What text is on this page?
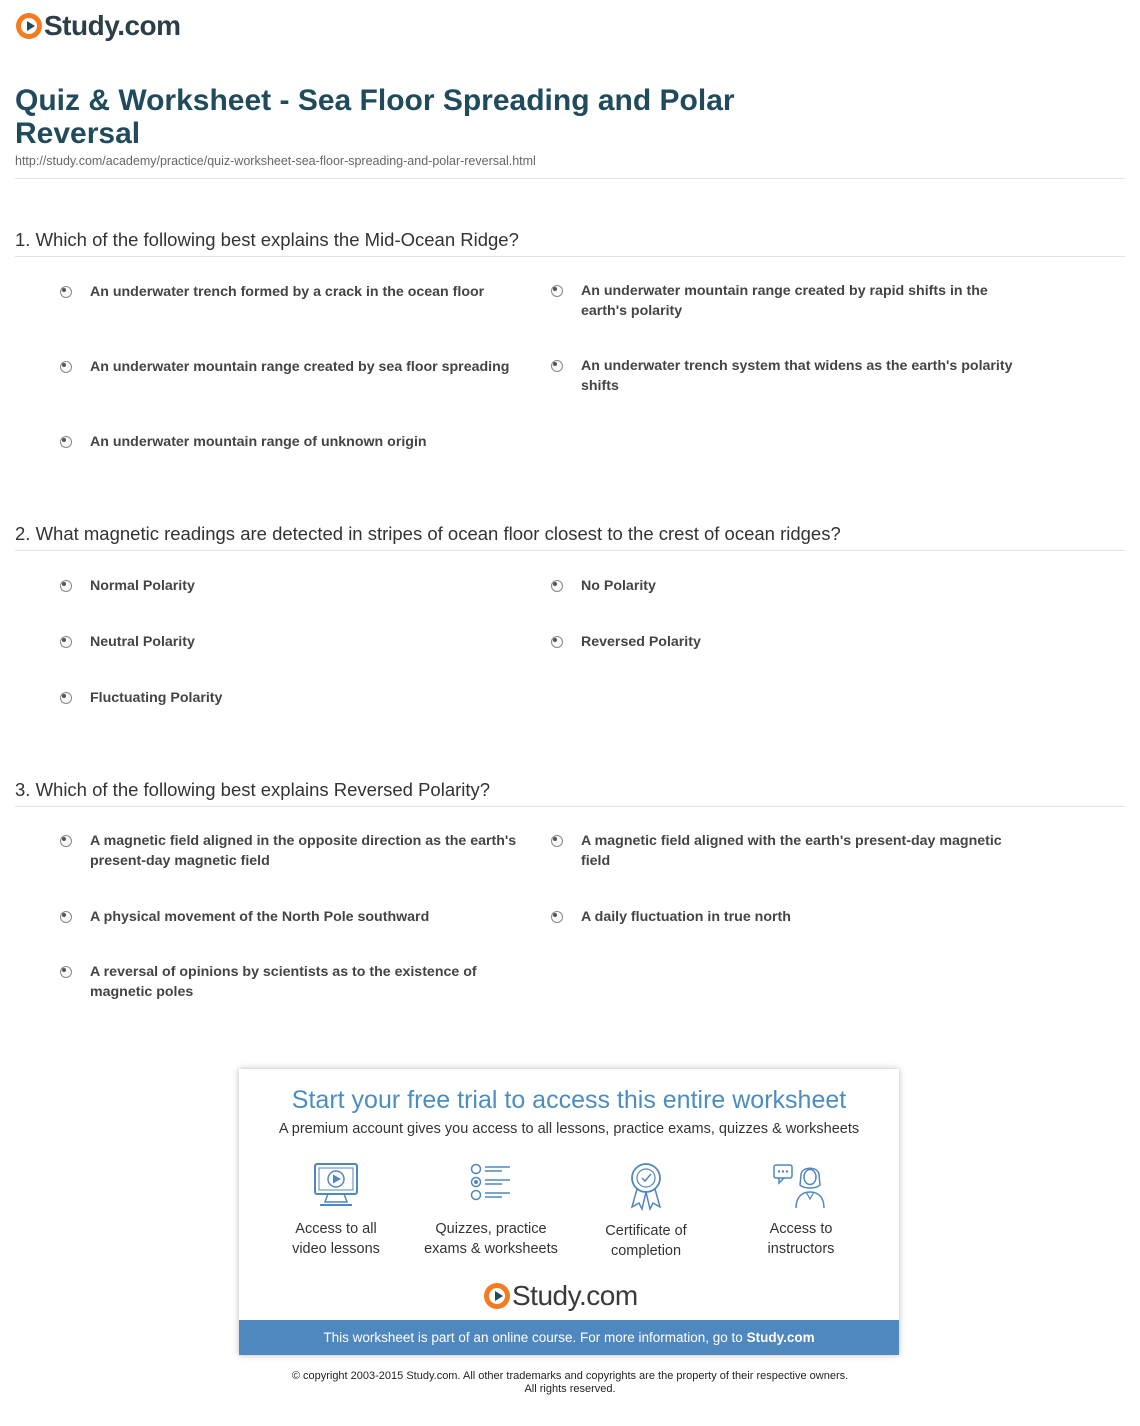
Study.com
Quiz & Worksheet - Sea Floor Spreading and Polar Reversal
http://study.com/academy/practice/quiz-worksheet-sea-floor-spreading-and-polar-reversal.html
1. Which of the following best explains the Mid-Ocean Ridge?
An underwater trench formed by a crack in the ocean floor	An underwater mountain range created by rapid shifts in the earth's polarity
An underwater mountain range created by sea floor spreading	An underwater trench system that widens as the earth's polarity shifts
An underwater mountain range of unknown origin
2. What magnetic readings are detected in stripes of ocean floor closest to the crest of ocean ridges?
Normal Polarity	No Polarity
Neutral Polarity	Reversed Polarity
Fluctuating Polarity
3. Which of the following best explains Reversed Polarity?
A magnetic field aligned in the opposite direction as the earth's present-day magnetic field
A magnetic field aligned with the earth's present-day magnetic field
A physical movement of the North Pole southward	A daily fluctuation in true north
A reversal of opinions by scientists as to the existence of magnetic poles
Start your free trial to access this entire worksheet
A premium account gives you access to all lessons, practice exams, quizzes & worksheets
Access to all
video lessons
Quizzes, practice
exams & worksheets
Certificate of
completion
Access to
instructors
Study.com
This worksheet is part of an online course. For more information, go to Study.com
© copyright 2003-2015 Study.com. All other trademarks and copyrights are the property of their respective owners.
All rights reserved.
